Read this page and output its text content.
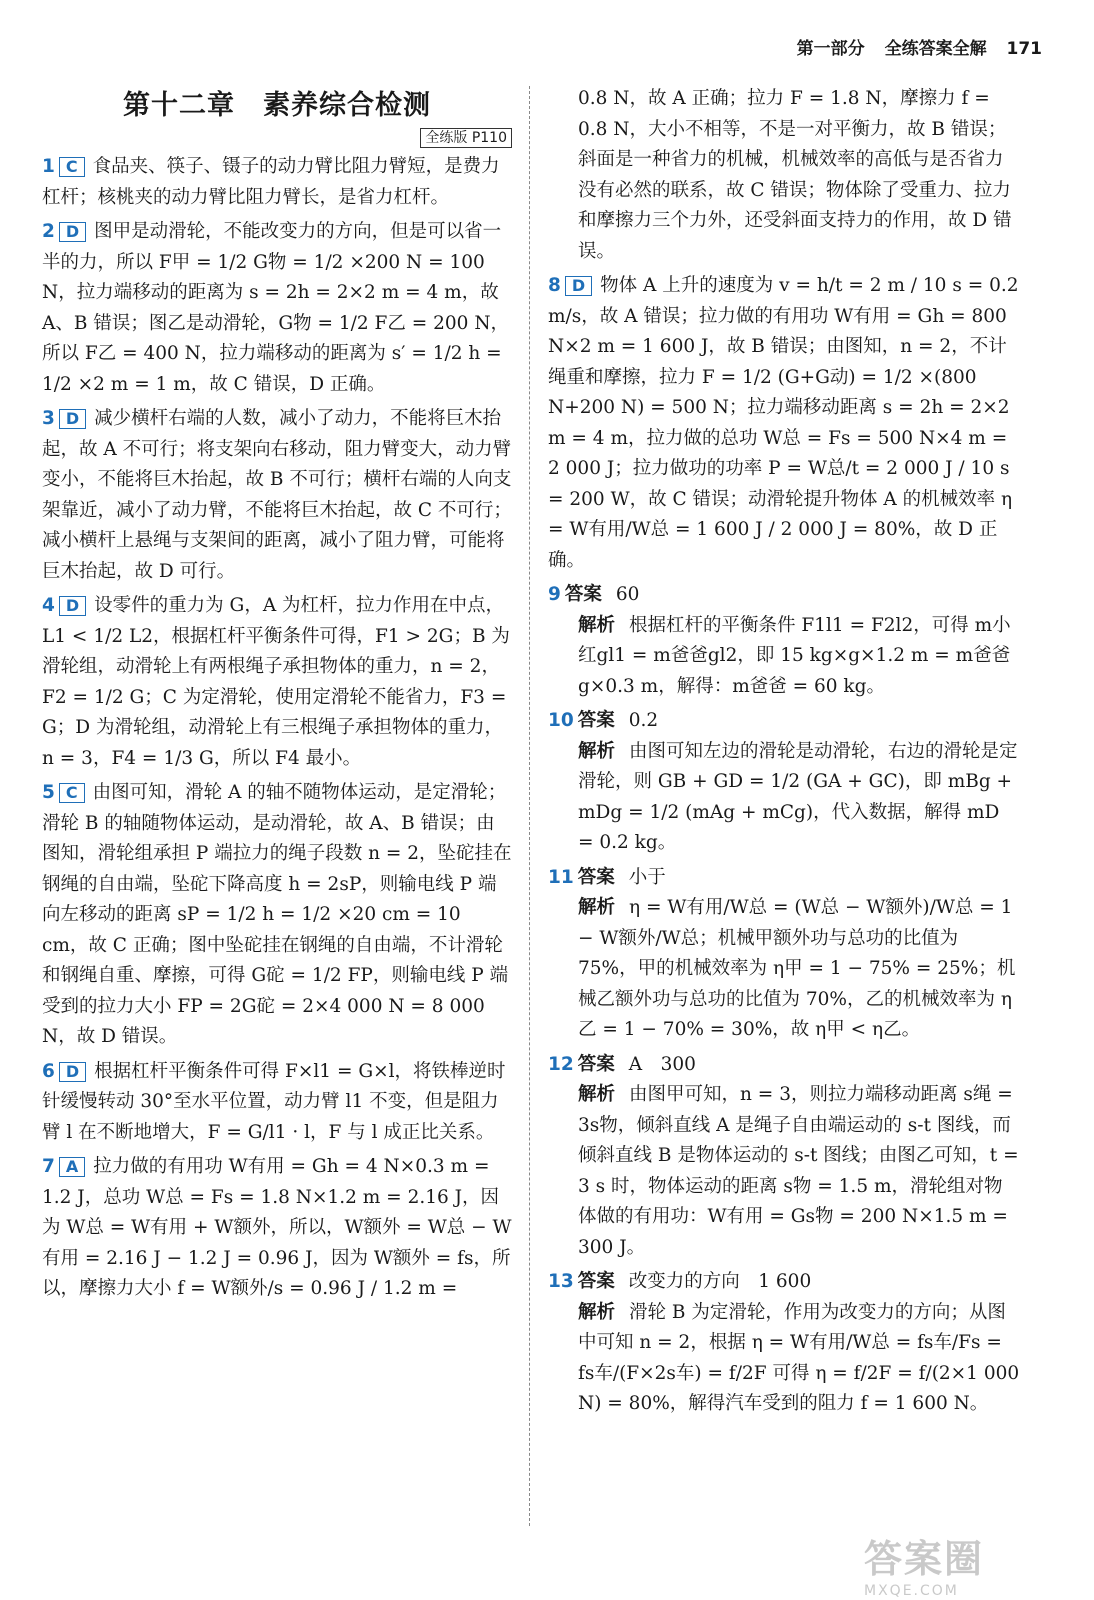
第一部分 全练答案全解 171
第十二章　素养综合检测
全练版 P110

1 C 食品夹、筷子、镊子的动力臂比阻力臂短，是费力杠杆；核桃夹的动力臂比阻力臂长，是省力杠杆。

2 D 图甲是动滑轮，不能改变力的方向，但是可以省一半的力，所以 F甲 = 1/2 G物 = 1/2 ×200 N = 100 N，拉力端移动的距离为 s = 2h = 2×2 m = 4 m，故 A、B 错误；图乙是动滑轮，G物 = 1/2 F乙 = 200 N，所以 F乙 = 400 N，拉力端移动的距离为 s′ = 1/2 h = 1/2 ×2 m = 1 m，故 C 错误，D 正确。

3 D 减少横杆右端的人数，减小了动力，不能将巨木抬起，故 A 不可行；将支架向右移动，阻力臂变大，动力臂变小，不能将巨木抬起，故 B 不可行；横杆右端的人向支架靠近，减小了动力臂，不能将巨木抬起，故 C 不可行；减小横杆上悬绳与支架间的距离，减小了阻力臂，可能将巨木抬起，故 D 可行。

4 D 设零件的重力为 G，A 为杠杆，拉力作用在中点，L1 < 1/2 L2，根据杠杆平衡条件可得，F1 > 2G；B 为滑轮组，动滑轮上有两根绳子承担物体的重力，n = 2，F2 = 1/2 G；C 为定滑轮，使用定滑轮不能省力，F3 = G；D 为滑轮组，动滑轮上有三根绳子承担物体的重力，n = 3，F4 = 1/3 G，所以 F4 最小。

5 C 由图可知，滑轮 A 的轴不随物体运动，是定滑轮；滑轮 B 的轴随物体运动，是动滑轮，故 A、B 错误；由图知，滑轮组承担 P 端拉力的绳子段数 n = 2，坠砣挂在钢绳的自由端，坠砣下降高度 h = 2sP，则输电线 P 端向左移动的距离 sP = 1/2 h = 1/2 ×20 cm = 10 cm，故 C 正确；图中坠砣挂在钢绳的自由端，不计滑轮和钢绳自重、摩擦，可得 G砣 = 1/2 FP，则输电线 P 端受到的拉力大小 FP = 2G砣 = 2×4 000 N = 8 000 N，故 D 错误。

6 D 根据杠杆平衡条件可得 F×l1 = G×l，将铁棒逆时针缓慢转动 30°至水平位置，动力臂 l1 不变，但是阻力臂 l 在不断地增大，F = G/l1 · l，F 与 l 成正比关系。

7 A 拉力做的有用功 W有用 = Gh = 4 N×0.3 m = 1.2 J，总功 W总 = Fs = 1.8 N×1.2 m = 2.16 J，因为 W总 = W有用 + W额外，所以，W额外 = W总 − W有用 = 2.16 J − 1.2 J = 0.96 J，因为 W额外 = fs，所以，摩擦力大小 f = W额外/s = 0.96 J / 1.2 m =

0.8 N，故 A 正确；拉力 F = 1.8 N，摩擦力 f = 0.8 N，大小不相等，不是一对平衡力，故 B 错误；斜面是一种省力的机械，机械效率的高低与是否省力没有必然的联系，故 C 错误；物体除了受重力、拉力和摩擦力三个力外，还受斜面支持力的作用，故 D 错误。

8 D 物体 A 上升的速度为 v = h/t = 2 m / 10 s = 0.2 m/s，故 A 错误；拉力做的有用功 W有用 = Gh = 800 N×2 m = 1 600 J，故 B 错误；由图知，n = 2，不计绳重和摩擦，拉力 F = 1/2 (G+G动) = 1/2 ×(800 N+200 N) = 500 N；拉力端移动距离 s = 2h = 2×2 m = 4 m，拉力做的总功 W总 = Fs = 500 N×4 m = 2 000 J；拉力做功的功率 P = W总/t = 2 000 J / 10 s = 200 W，故 C 错误；动滑轮提升物体 A 的机械效率 η = W有用/W总 = 1 600 J / 2 000 J = 80%，故 D 正确。

9 答案 60

解析 根据杠杆的平衡条件 F1l1 = F2l2，可得 m小红gl1 = m爸爸gl2，即 15 kg×g×1.2 m = m爸爸g×0.3 m，解得：m爸爸 = 60 kg。

10 答案 0.2

解析 由图可知左边的滑轮是动滑轮，右边的滑轮是定滑轮，则 GB + GD = 1/2 (GA + GC)，即 mBg + mDg = 1/2 (mAg + mCg)，代入数据，解得 mD = 0.2 kg。

11 答案 小于

解析 η = W有用/W总 = (W总 − W额外)/W总 = 1 − W额外/W总；机械甲额外功与总功的比值为 75%，甲的机械效率为 η甲 = 1 − 75% = 25%；机械乙额外功与总功的比值为 70%，乙的机械效率为 η乙 = 1 − 70% = 30%，故 η甲 < η乙。

12 答案 A　300

解析 由图甲可知，n = 3，则拉力端移动距离 s绳 = 3s物，倾斜直线 A 是绳子自由端运动的 s-t 图线，而倾斜直线 B 是物体运动的 s-t 图线；由图乙可知，t = 3 s 时，物体运动的距离 s物 = 1.5 m，滑轮组对物体做的有用功：W有用 = Gs物 = 200 N×1.5 m = 300 J。

13 答案 改变力的方向　1 600

解析 滑轮 B 为定滑轮，作用为改变力的方向；从图中可知 n = 2，根据 η = W有用/W总 = fs车/Fs = fs车/(F×2s车) = f/2F 可得 η = f/2F = f/(2×1 000 N) = 80%，解得汽车受到的阻力 f = 1 600 N。

答案圈
MXQE.COM
